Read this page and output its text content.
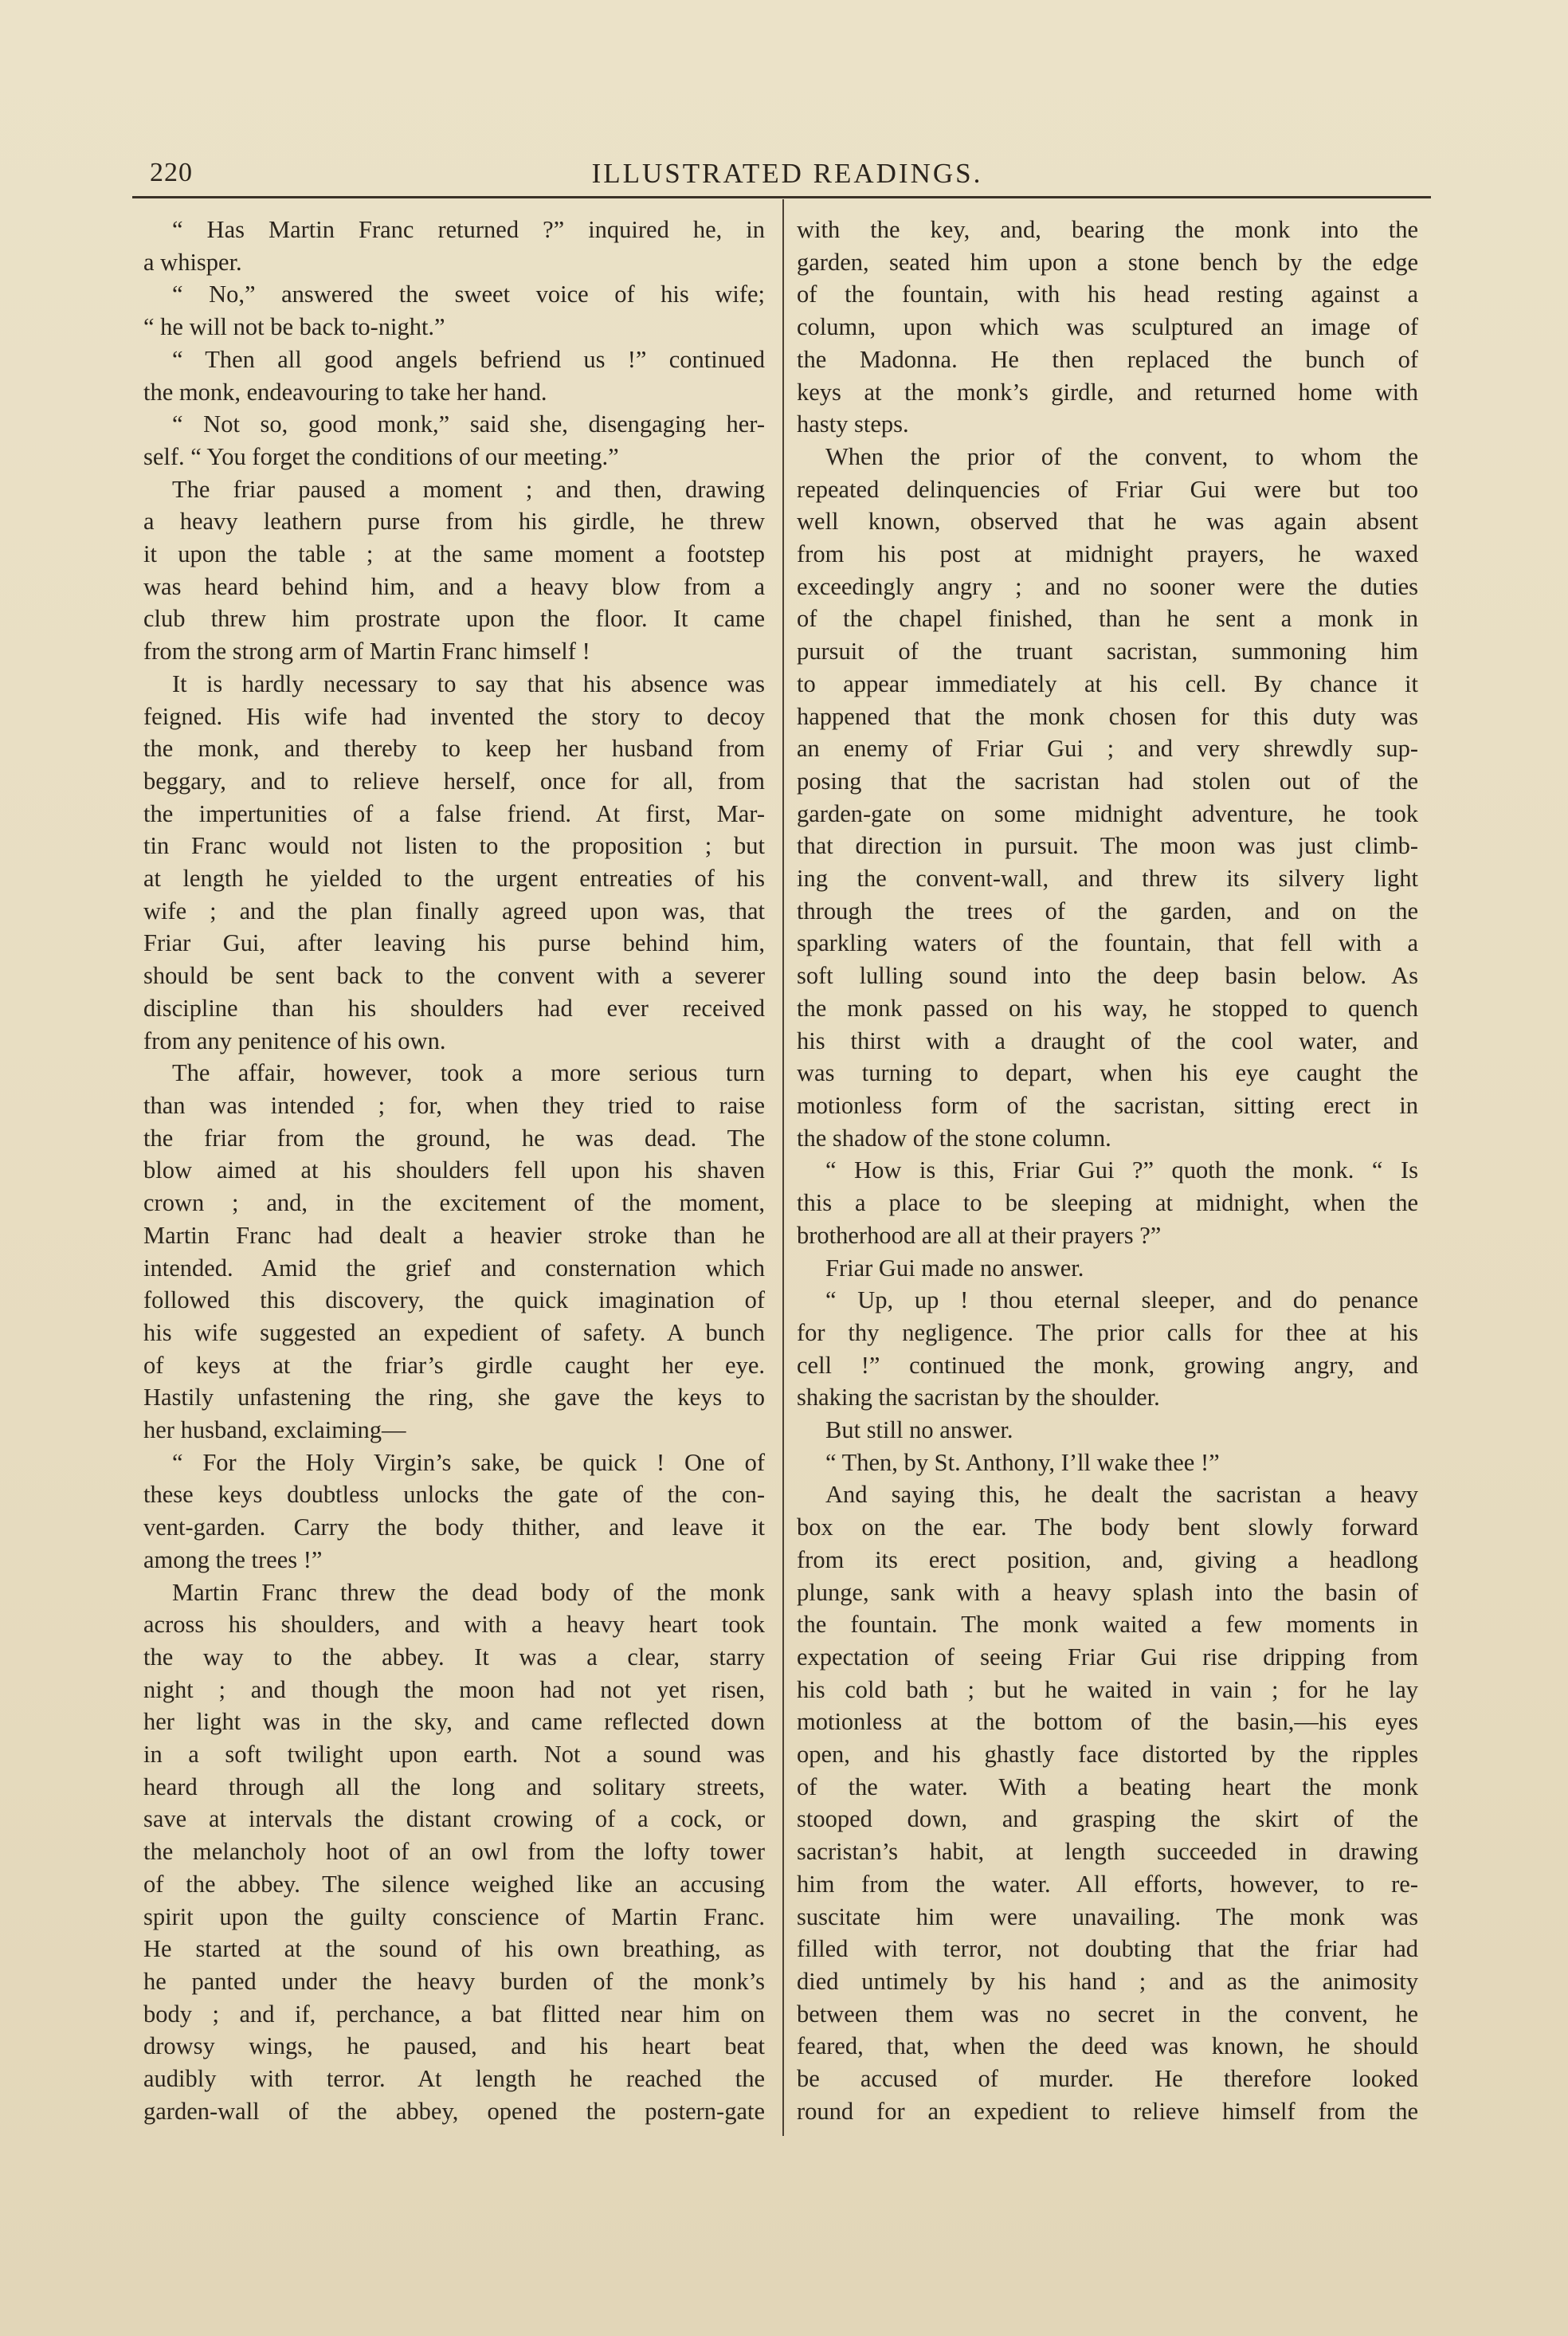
220	ILLUSTRATED READINGS.

“ Has Martin Franc returned ?” inquired he, in

a whisper.

“ No,” answered the sweet voice of his wife;

“ he will not be back to-night.”

“ Then all good angels befriend us !” continued

the monk, endeavouring to take her hand.

“ Not so, good monk,” said she, disengaging her-

self. “ You forget the conditions of our meeting.”

The friar paused a moment ; and then, drawing

a heavy leathern purse from his girdle, he threw

it upon the table ; at the same moment a footstep

was heard behind him, and a heavy blow from a

club threw him prostrate upon the floor. It came

from the strong arm of Martin Franc himself !

It is hardly necessary to say that his absence was

feigned. His wife had invented the story to decoy

the monk, and thereby to keep her husband from

beggary, and to relieve herself, once for all, from

the impertunities of a false friend. At first, Mar-

tin Franc would not listen to the proposition ; but

at length he yielded to the urgent entreaties of his

wife ; and the plan finally agreed upon was, that

Friar Gui, after leaving his purse behind him,

should be sent back to the convent with a severer

discipline than his shoulders had ever received

from any penitence of his own.

The affair, however, took a more serious turn

than was intended ; for, when they tried to raise

the friar from the ground, he was dead. The

blow aimed at his shoulders fell upon his shaven

crown ; and, in the excitement of the moment,

Martin Franc had dealt a heavier stroke than he

intended. Amid the grief and consternation which

followed this discovery, the quick imagination of

his wife suggested an expedient of safety. A bunch

of keys at the friar’s girdle caught her eye.

Hastily unfastening the ring, she gave the keys to

her husband, exclaiming—

“ For the Holy Virgin’s sake, be quick ! One of

these keys doubtless unlocks the gate of the con-

vent-garden. Carry the body thither, and leave it

among the trees !”

Martin Franc threw the dead body of the monk

across his shoulders, and with a heavy heart took

the way to the abbey. It was a clear, starry

night ; and though the moon had not yet risen,

her light was in the sky, and came reflected down

in a soft twilight upon earth. Not a sound was

heard through all the long and solitary streets,

save at intervals the distant crowing of a cock, or

the melancholy hoot of an owl from the lofty tower

of the abbey. The silence weighed like an accusing

spirit upon the guilty conscience of Martin Franc.

He started at the sound of his own breathing, as

he panted under the heavy burden of the monk’s

body ; and if, perchance, a bat flitted near him on

drowsy wings, he paused, and his heart beat

audibly with terror. At length he reached the

garden-wall of the abbey, opened the postern-gate

with the key, and, bearing the monk into the

garden, seated him upon a stone bench by the edge

of the fountain, with his head resting against a

column, upon which was sculptured an image of

the Madonna. He then replaced the bunch of

keys at the monk’s girdle, and returned home with

hasty steps.

When the prior of the convent, to whom the

repeated delinquencies of Friar Gui were but too

well known, observed that he was again absent

from his post at midnight prayers, he waxed

exceedingly angry ; and no sooner were the duties

of the chapel finished, than he sent a monk in

pursuit of the truant sacristan, summoning him

to appear immediately at his cell. By chance it

happened that the monk chosen for this duty was

an enemy of Friar Gui ; and very shrewdly sup-

posing that the sacristan had stolen out of the

garden-gate on some midnight adventure, he took

that direction in pursuit. The moon was just climb-

ing the convent-wall, and threw its silvery light

through the trees of the garden, and on the

sparkling waters of the fountain, that fell with a

soft lulling sound into the deep basin below. As

the monk passed on his way, he stopped to quench

his thirst with a draught of the cool water, and

was turning to depart, when his eye caught the

motionless form of the sacristan, sitting erect in

the shadow of the stone column.

“ How is this, Friar Gui ?” quoth the monk. “ Is

this a place to be sleeping at midnight, when the

brotherhood are all at their prayers ?”

Friar Gui made no answer.

“ Up, up ! thou eternal sleeper, and do penance

for thy negligence. The prior calls for thee at his

cell !” continued the monk, growing angry, and

shaking the sacristan by the shoulder.

But still no answer.

“ Then, by St. Anthony, I’ll wake thee !”

And saying this, he dealt the sacristan a heavy

box on the ear. The body bent slowly forward

from its erect position, and, giving a headlong

plunge, sank with a heavy splash into the basin of

the fountain. The monk waited a few moments in

expectation of seeing Friar Gui rise dripping from

his cold bath ; but he waited in vain ; for he lay

motionless at the bottom of the basin,—his eyes

open, and his ghastly face distorted by the ripples

of the water. With a beating heart the monk

stooped down, and grasping the skirt of the

sacristan’s habit, at length succeeded in drawing

him from the water. All efforts, however, to re-

suscitate him were unavailing. The monk was

filled with terror, not doubting that the friar had

died untimely by his hand ; and as the animosity

between them was no secret in the convent, he

feared, that, when the deed was known, he should

be accused of murder. He therefore looked

round for an expedient to relieve himself from the
